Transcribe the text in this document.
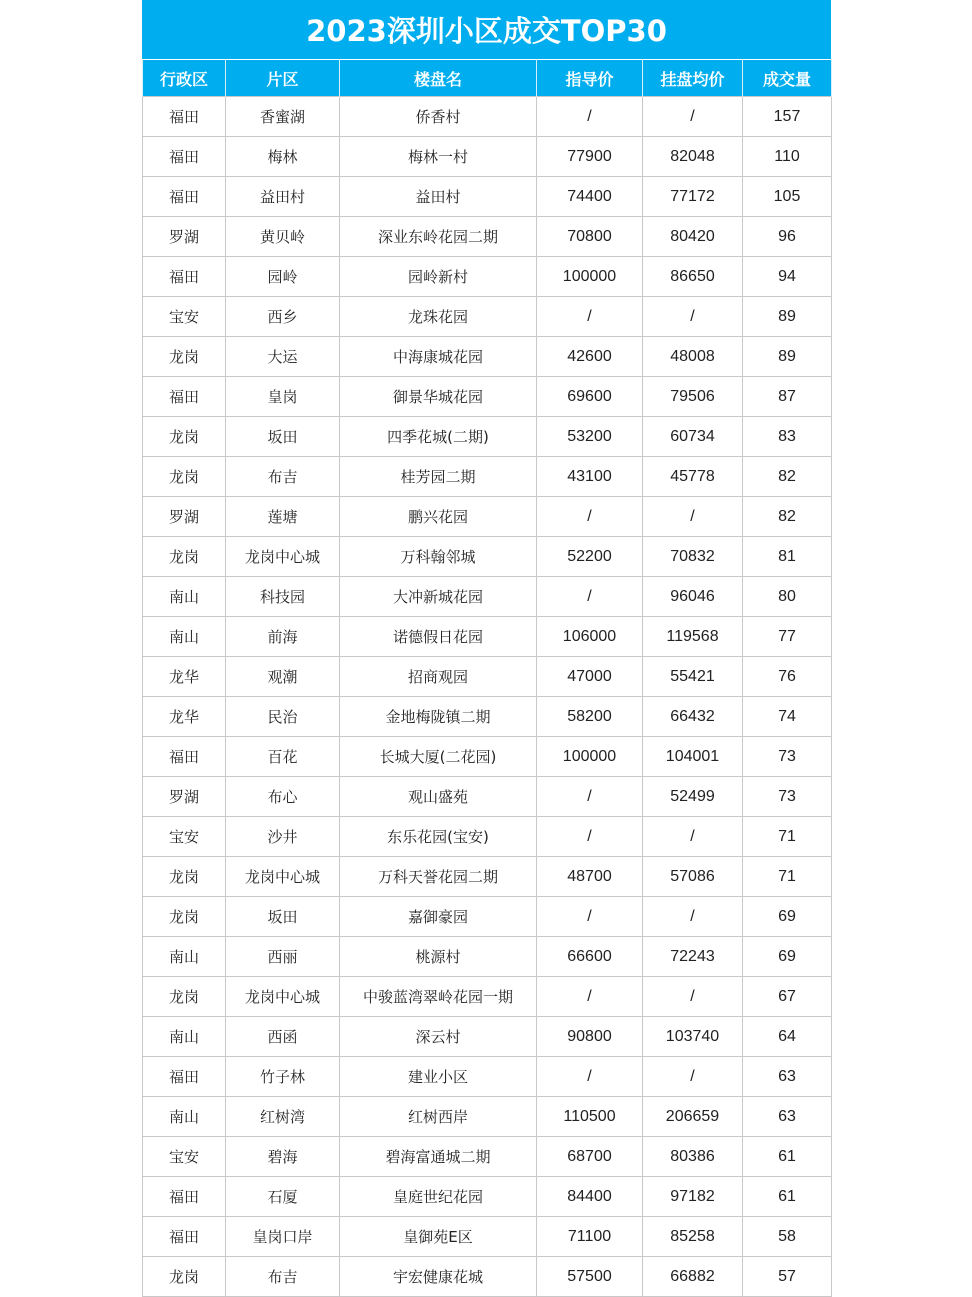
2023深圳小区成交TOP30
行政区	片区	楼盘名	指导价	挂盘均价	成交量
福田	香蜜湖	侨香村	/	/	157
福田	梅林	梅林一村	77900	82048	110
福田	益田村	益田村	74400	77172	105
罗湖	黄贝岭	深业东岭花园二期	70800	80420	96
福田	园岭	园岭新村	100000	86650	94
宝安	西乡	龙珠花园	/	/	89
龙岗	大运	中海康城花园	42600	48008	89
福田	皇岗	御景华城花园	69600	79506	87
龙岗	坂田	四季花城(二期)	53200	60734	83
龙岗	布吉	桂芳园二期	43100	45778	82
罗湖	莲塘	鹏兴花园	/	/	82
龙岗	龙岗中心城	万科翰邻城	52200	70832	81
南山	科技园	大冲新城花园	/	96046	80
南山	前海	诺德假日花园	106000	119568	77
龙华	观潮	招商观园	47000	55421	76
龙华	民治	金地梅陇镇二期	58200	66432	74
福田	百花	长城大厦(二花园)	100000	104001	73
罗湖	布心	观山盛苑	/	52499	73
宝安	沙井	东乐花园(宝安)	/	/	71
龙岗	龙岗中心城	万科天誉花园二期	48700	57086	71
龙岗	坂田	嘉御豪园	/	/	69
南山	西丽	桃源村	66600	72243	69
龙岗	龙岗中心城	中骏蓝湾翠岭花园一期	/	/	67
南山	西函	深云村	90800	103740	64
福田	竹子林	建业小区	/	/	63
南山	红树湾	红树西岸	110500	206659	63
宝安	碧海	碧海富通城二期	68700	80386	61
福田	石厦	皇庭世纪花园	84400	97182	61
福田	皇岗口岸	皇御苑E区	71100	85258	58
龙岗	布吉	宇宏健康花城	57500	66882	57
